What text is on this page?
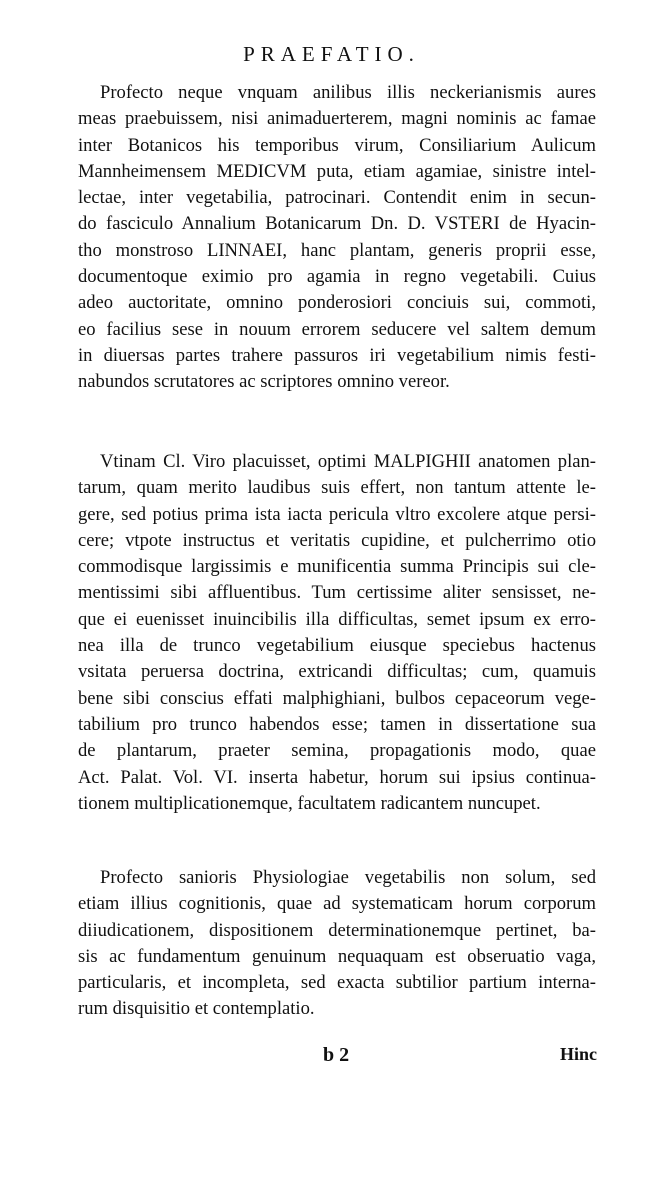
PRAEFATIO.
Profecto neque vnquam anilibus illis neckerianismis aures
meas praebuissem, nisi animaduerterem, magni nominis ac famae
inter Botanicos his temporibus virum, Consiliarium Aulicum
Mannheimensem MEDICVM puta, etiam agamiae, sinistre intel-
lectae, inter vegetabilia, patrocinari. Contendit enim in secun-
do fasciculo Annalium Botanicarum Dn. D. VSTERI de Hyacin-
tho monstroso LINNAEI, hanc plantam, generis proprii esse,
documentoque eximio pro agamia in regno vegetabili. Cuius
adeo auctoritate, omnino ponderosiori conciuis sui, commoti,
eo facilius sese in nouum errorem seducere vel saltem demum
in diuersas partes trahere passuros iri vegetabilium nimis festi-
nabundos scrutatores ac scriptores omnino vereor.
Vtinam Cl. Viro placuisset, optimi MALPIGHII anatomen plan-
tarum, quam merito laudibus suis effert, non tantum attente le-
gere, sed potius prima ista iacta pericula vltro excolere atque persi-
cere; vtpote instructus et veritatis cupidine, et pulcherrimo otio
commodisque largissimis e munificentia summa Principis sui cle-
mentissimi sibi affluentibus. Tum certissime aliter sensisset, ne-
que ei euenisset inuincibilis illa difficultas, semet ipsum ex erro-
nea illa de trunco vegetabilium eiusque speciebus hactenus
vsitata peruersa doctrina, extricandi difficultas; cum, quamuis
bene sibi conscius effati malphighiani, bulbos cepaceorum vege-
tabilium pro trunco habendos esse; tamen in dissertatione sua
de plantarum, praeter semina, propagationis modo, quae
Act. Palat. Vol. VI. inserta habetur, horum sui ipsius continua-
tionem multiplicationemque, facultatem radicantem nuncupet.
Profecto sanioris Physiologiae vegetabilis non solum, sed
etiam illius cognitionis, quae ad systematicam horum corporum
diiudicationem, dispositionem determinationemque pertinet, ba-
sis ac fundamentum genuinum nequaquam est obseruatio vaga,
particularis, et incompleta, sed exacta subtilior partium interna-
rum disquisitio et contemplatio.
b 2	Hinc
